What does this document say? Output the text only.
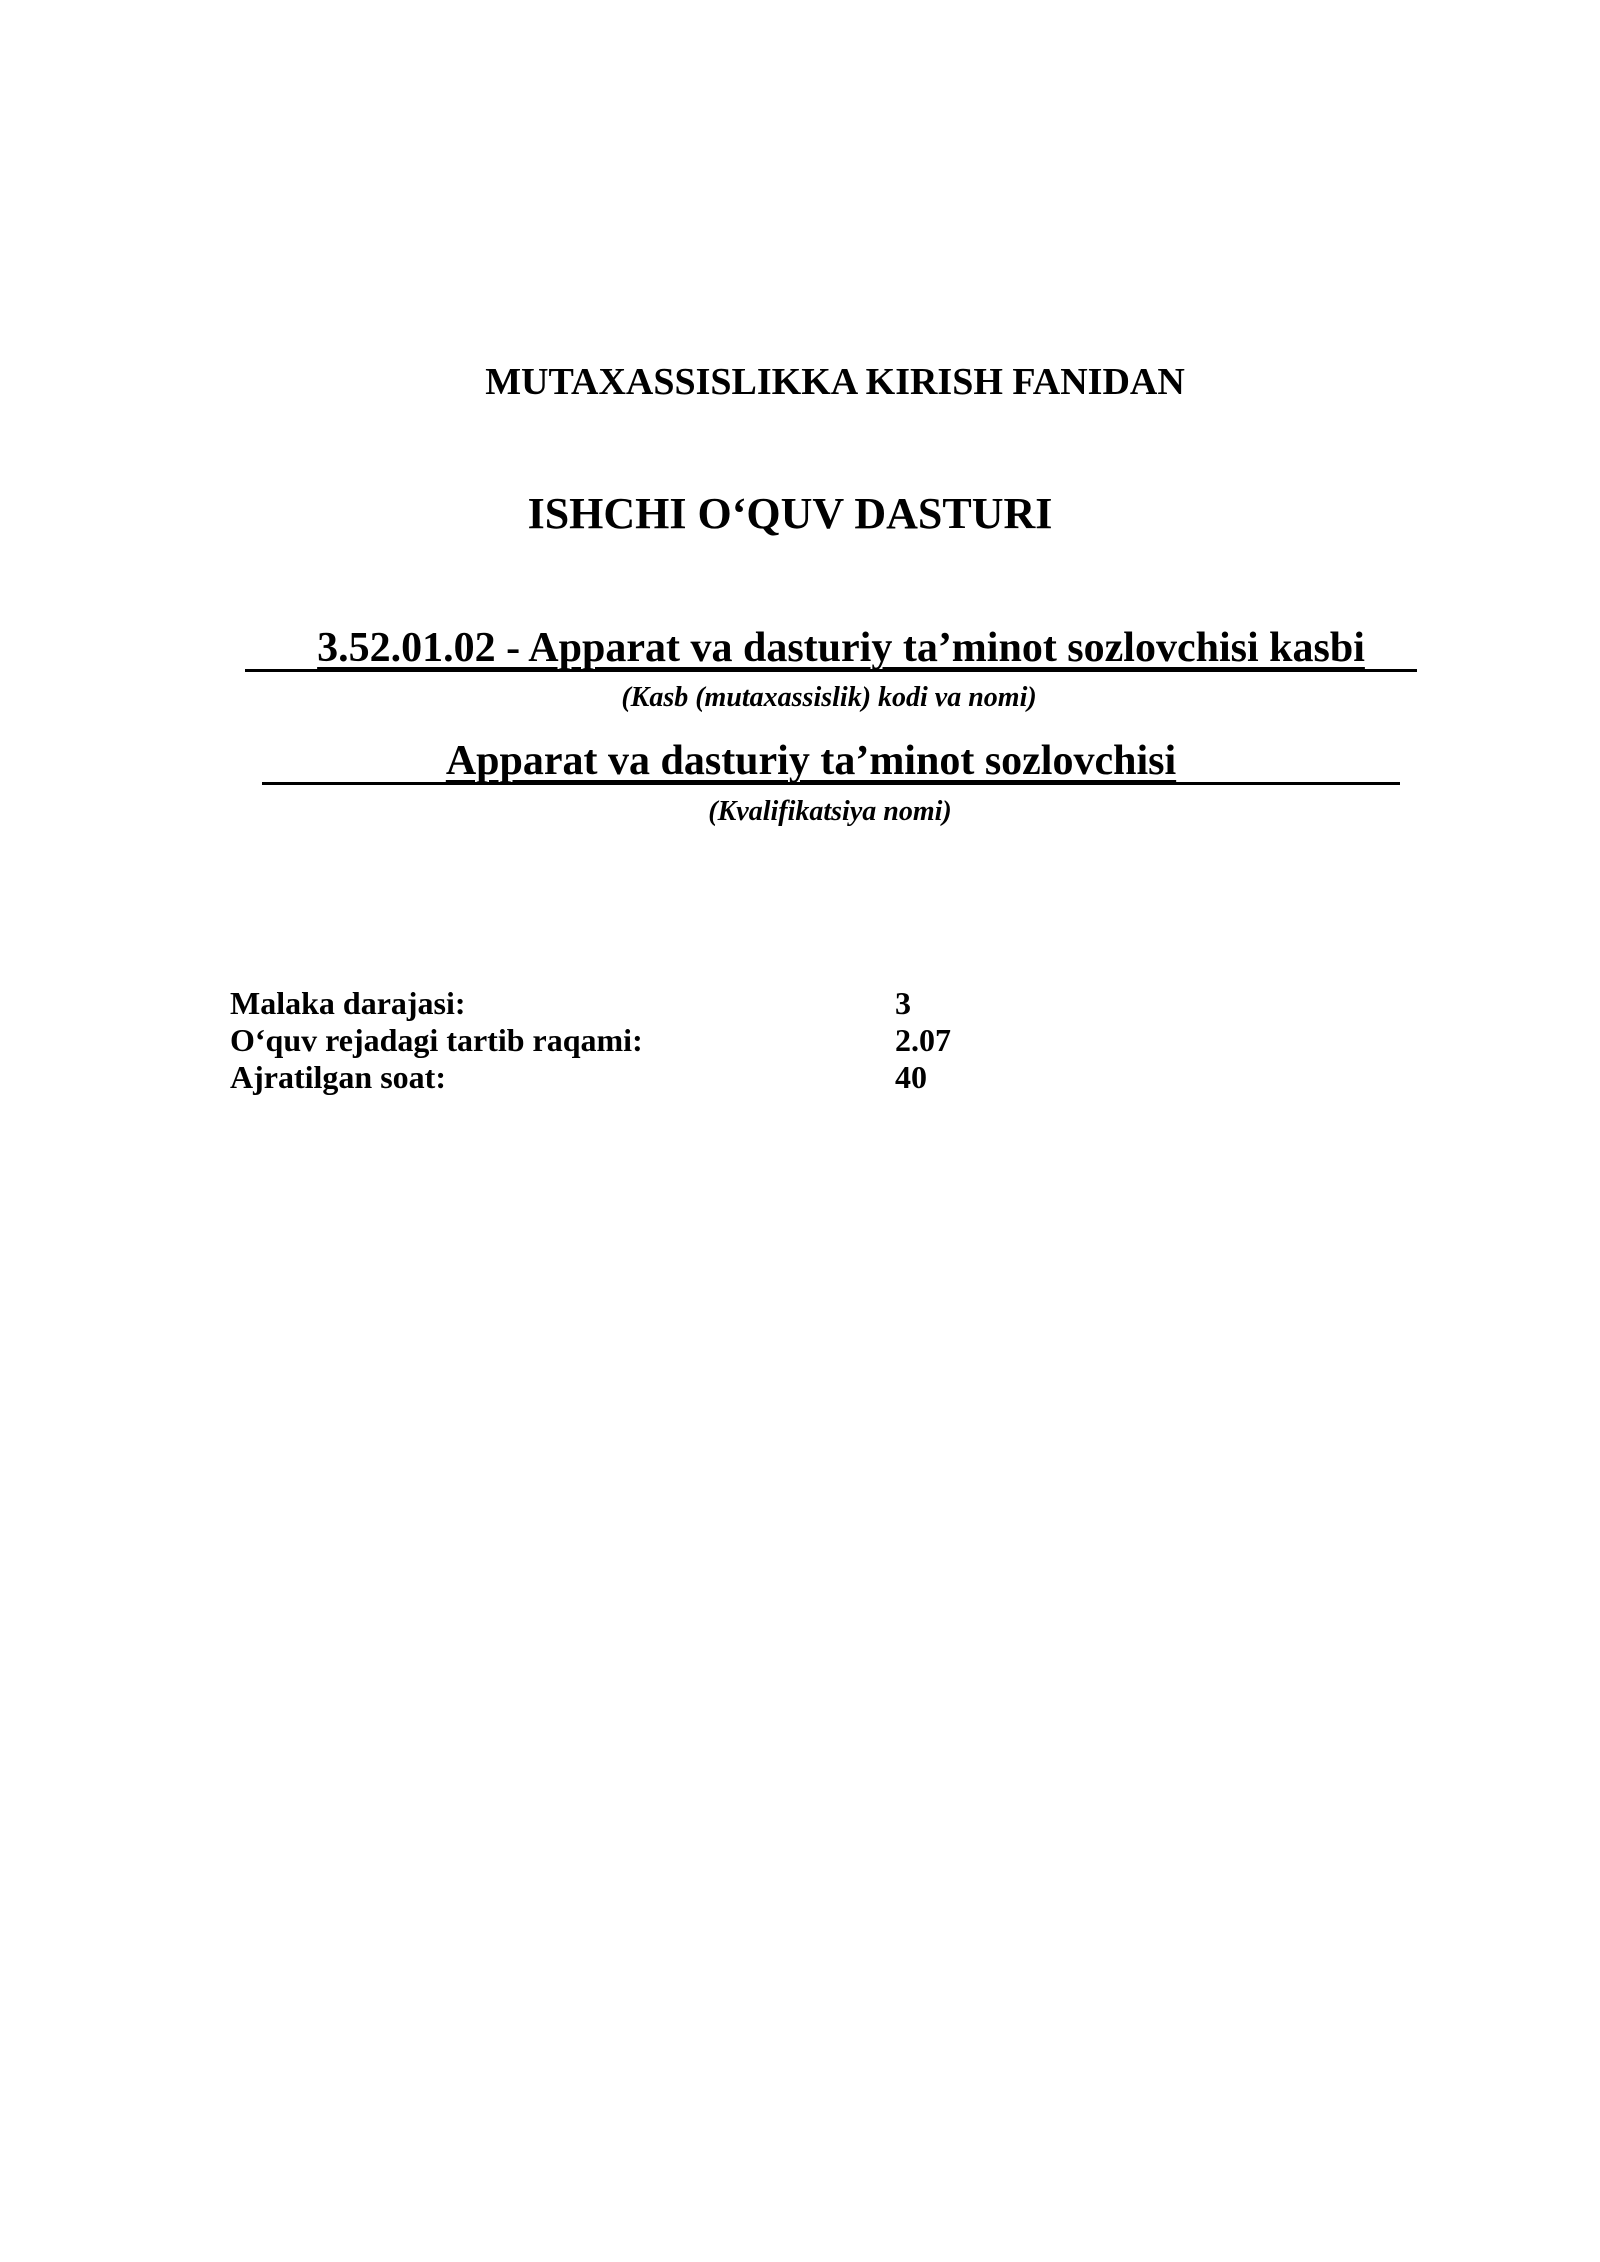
MUTAXASSISLIKKA KIRISH FANIDAN
ISHCHI O‘QUV DASTURI
3.52.01.02 - Apparat va dasturiy ta’minot sozlovchisi kasbi
(Kasb (mutaxassislik) kodi va nomi)
Apparat va dasturiy ta’minot sozlovchisi
(Kvalifikatsiya nomi)
Malaka darajasi:	3
O‘quv rejadagi tartib raqami:	2.07
Ajratilgan soat:	40
